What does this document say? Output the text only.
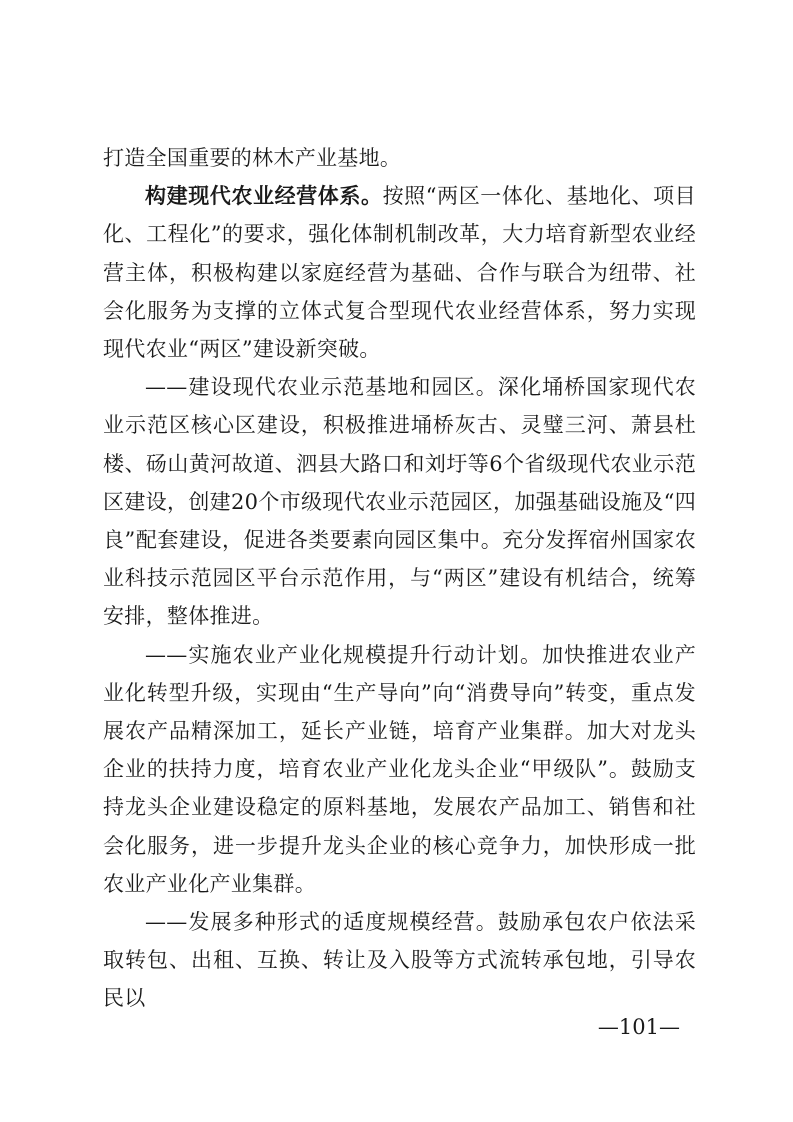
打造全国重要的林木产业基地。

构建现代农业经营体系。按照“两区一体化、基地化、项目化、工程化”的要求，强化体制机制改革，大力培育新型农业经营主体，积极构建以家庭经营为基础、合作与联合为纽带、社会化服务为支撑的立体式复合型现代农业经营体系，努力实现现代农业“两区”建设新突破。

——建设现代农业示范基地和园区。深化埇桥国家现代农业示范区核心区建设，积极推进埇桥灰古、灵璧三河、萧县杜楼、砀山黄河故道、泗县大路口和刘圩等6个省级现代农业示范区建设，创建20个市级现代农业示范园区，加强基础设施及“四良”配套建设，促进各类要素向园区集中。充分发挥宿州国家农业科技示范园区平台示范作用，与“两区”建设有机结合，统筹安排，整体推进。

——实施农业产业化规模提升行动计划。加快推进农业产业化转型升级，实现由“生产导向”向“消费导向”转变，重点发展农产品精深加工，延长产业链，培育产业集群。加大对龙头企业的扶持力度，培育农业产业化龙头企业“甲级队”。鼓励支持龙头企业建设稳定的原料基地，发展农产品加工、销售和社会化服务，进一步提升龙头企业的核心竞争力，加快形成一批农业产业化产业集群。

——发展多种形式的适度规模经营。鼓励承包农户依法采取转包、出租、互换、转让及入股等方式流转承包地，引导农民以

—101—
